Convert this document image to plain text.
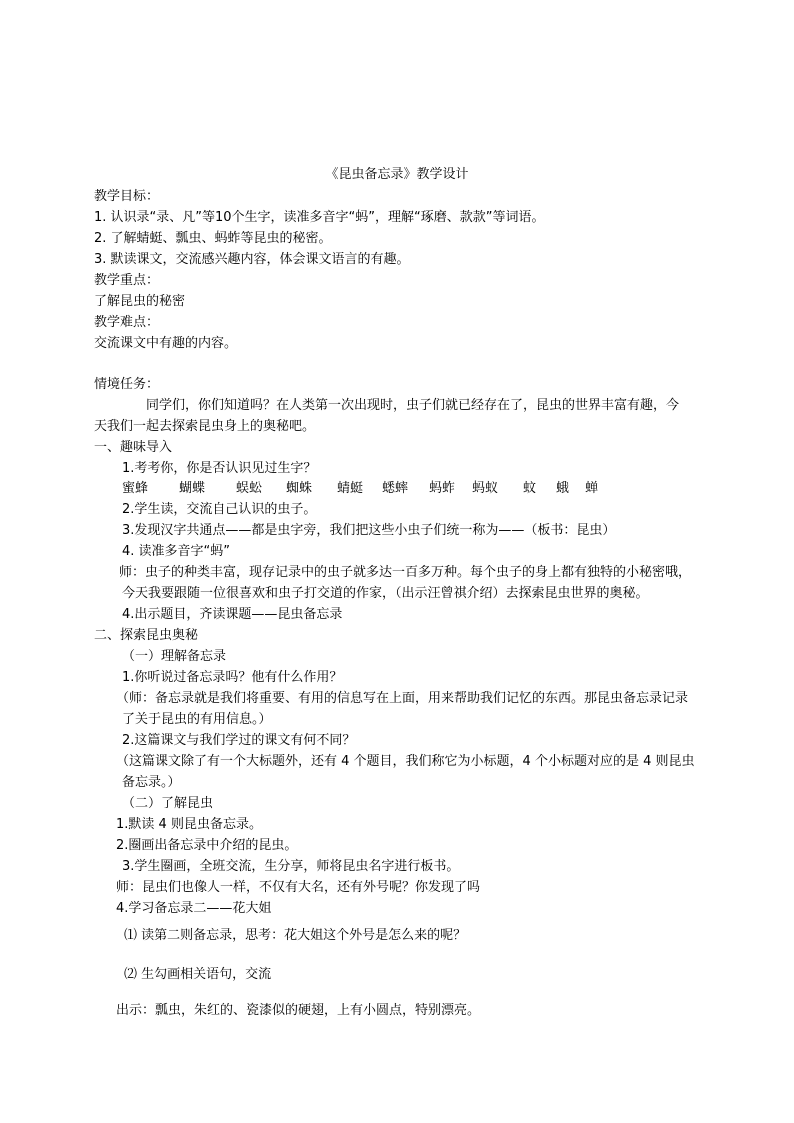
《昆虫备忘录》教学设计
教学目标：
1. 认识录“录、凡”等10个生字，读准多音字“蚂”，理解“琢磨、款款”等词语。
2. 了解蜻蜓、瓢虫、蚂蚱等昆虫的秘密。
3. 默读课文，交流感兴趣内容，体会课文语言的有趣。
教学重点：
了解昆虫的秘密
教学难点：
交流课文中有趣的内容。
情境任务：
同学们，你们知道吗？在人类第一次出现时，虫子们就已经存在了，昆虫的世界丰富有趣，今
天我们一起去探索昆虫身上的奥秘吧。
一、趣味导入
1.考考你，你是否认识见过生字？
蜜蜂 蝴蝶 蜈蚣 蜘蛛 蜻蜓 蟋蟀 蚂蚱 蚂蚁 蚊 蛾 蝉
2.学生读，交流自己认识的虫子。
3.发现汉字共通点——都是虫字旁，我们把这些小虫子们统一称为——（板书：昆虫）
4. 读准多音字“蚂”
师：虫子的种类丰富，现存记录中的虫子就多达一百多万种。每个虫子的身上都有独特的小秘密哦，
今天我要跟随一位很喜欢和虫子打交道的作家，（出示汪曾祺介绍）去探索昆虫世界的奥秘。
4.出示题目，齐读课题——昆虫备忘录
二、探索昆虫奥秘
（一）理解备忘录
1.你听说过备忘录吗？他有什么作用？
（师：备忘录就是我们将重要、有用的信息写在上面，用来帮助我们记忆的东西。那昆虫备忘录记录
了关于昆虫的有用信息。）
2.这篇课文与我们学过的课文有何不同？
（这篇课文除了有一个大标题外，还有 4 个题目，我们称它为小标题，4 个小标题对应的是 4 则昆虫
备忘录。）
（二）了解昆虫
1.默读 4 则昆虫备忘录。
2.圈画出备忘录中介绍的昆虫。
3.学生圈画，全班交流，生分享，师将昆虫名字进行板书。
师：昆虫们也像人一样，不仅有大名，还有外号呢？你发现了吗
4.学习备忘录二——花大姐
⑴ 读第二则备忘录，思考：花大姐这个外号是怎么来的呢？
⑵ 生勾画相关语句，交流
出示：瓢虫，朱红的、瓷漆似的硬翅，上有小圆点，特别漂亮。
